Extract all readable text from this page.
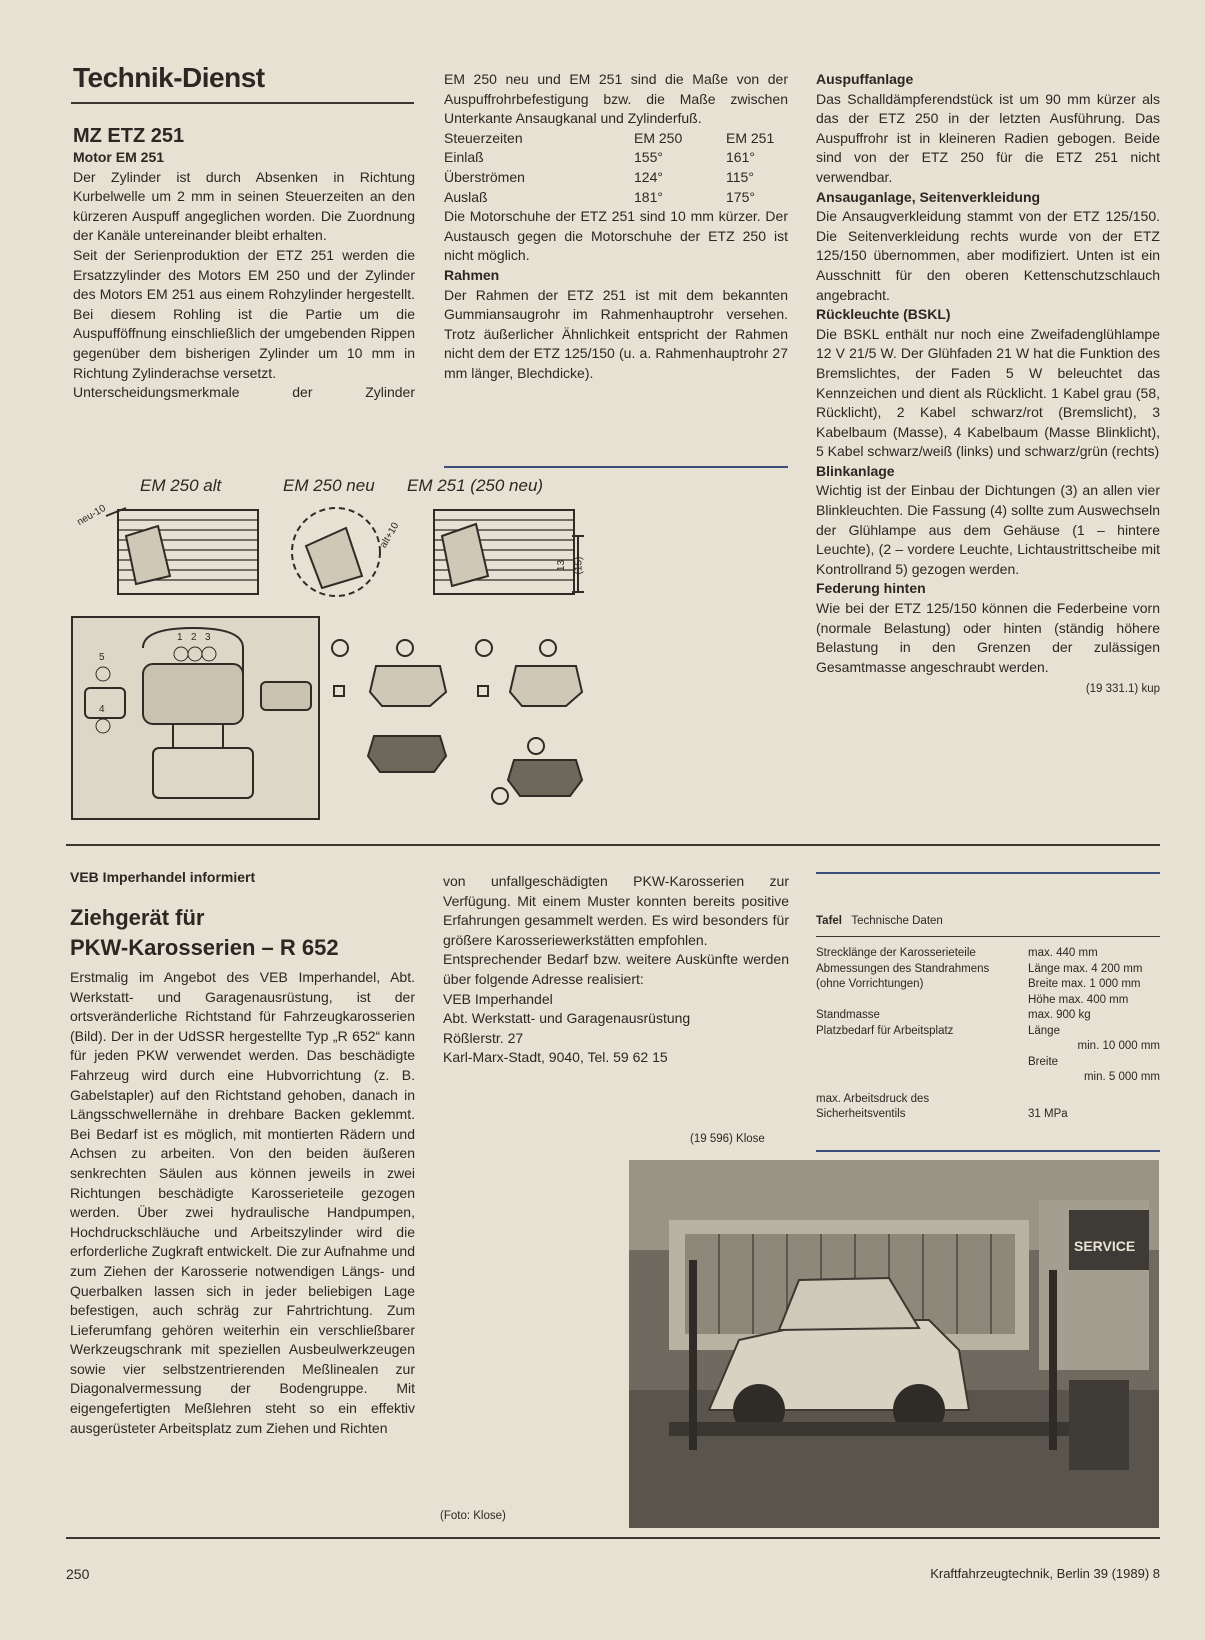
Technik-Dienst
MZ ETZ 251
Motor EM 251

Der Zylinder ist durch Absenken in Richtung Kurbelwelle um 2 mm in seinen Steuerzeiten an den kürzeren Auspuff angeglichen worden. Die Zuordnung der Kanäle untereinander bleibt erhalten.

Seit der Serienproduktion der ETZ 251 werden die Ersatzzylinder des Motors EM 250 und der Zylinder des Motors EM 251 aus einem Rohzylinder hergestellt. Bei diesem Rohling ist die Partie um die Auspufföffnung einschließlich der umgebenden Rippen gegenüber dem bisherigen Zylinder um 10 mm in Richtung Zylinderachse versetzt.

Unterscheidungsmerkmale der Zylinder

EM 250 neu und EM 251 sind die Maße von der Auspuffrohrbefestigung bzw. die Maße zwischen Unterkante Ansaugkanal und Zylinderfuß.
Steuerzeiten	EM 250	EM 251
Einlaß	155°	161°
Überströmen	124°	115°
Auslaß	181°	175°
Die Motorschuhe der ETZ 251 sind 10 mm kürzer. Der Austausch gegen die Motorschuhe der ETZ 250 ist nicht möglich.
Rahmen
Der Rahmen der ETZ 251 ist mit dem bekannten Gummiansaugrohr im Rahmenhauptrohr versehen. Trotz äußerlicher Ähnlichkeit entspricht der Rahmen nicht dem der ETZ 125/150 (u. a. Rahmenhauptrohr 27 mm länger, Blechdicke).
Auspuffanlage
Das Schalldämpferendstück ist um 90 mm kürzer als das der ETZ 250 in der letzten Ausführung. Das Auspuffrohr ist in kleineren Radien gebogen. Beide sind von der ETZ 250 für die ETZ 251 nicht verwendbar.
Ansauganlage, Seitenverkleidung
Die Ansaugverkleidung stammt von der ETZ 125/150. Die Seitenverkleidung rechts wurde von der ETZ 125/150 übernommen, aber modifiziert. Unten ist ein Ausschnitt für den oberen Kettenschutzschlauch angebracht.
Rückleuchte (BSKL)
Die BSKL enthält nur noch eine Zweifadenglühlampe 12 V 21/5 W. Der Glühfaden 21 W hat die Funktion des Bremslichtes, der Faden 5 W beleuchtet das Kennzeichen und dient als Rücklicht. 1 Kabel grau (58, Rücklicht), 2 Kabel schwarz/rot (Bremslicht), 3 Kabelbaum (Masse), 4 Kabelbaum (Masse Blinklicht), 5 Kabel schwarz/weiß (links) und schwarz/grün (rechts)
Blinkanlage
Wichtig ist der Einbau der Dichtungen (3) an allen vier Blinkleuchten. Die Fassung (4) sollte zum Auswechseln der Glühlampe aus dem Gehäuse (1 – hintere Leuchte), (2 – vordere Leuchte, Lichtaustrittscheibe mit Kontrollrand 5) gezogen werden.
Federung hinten
Wie bei der ETZ 125/150 können die Federbeine vorn (normale Belastung) oder hinten (ständig höhere Belastung in den Grenzen der zulässigen Gesamtmasse angeschraubt werden.
(19 331.1) kup
EM 250 alt	EM 250 neu EM 251 (250 neu)
neu-10
alt+10
13 (15)
1 2 3
4
5
VEB Imperhandel informiert
Ziehgerät für
PKW-Karosserien – R 652
Erstmalig im Angebot des VEB Imperhandel, Abt. Werkstatt- und Garagenausrüstung, ist der ortsveränderliche Richtstand für Fahrzeugkarosserien (Bild). Der in der UdSSR hergestellte Typ „R 652“ kann für jeden PKW verwendet werden. Das beschädigte Fahrzeug wird durch eine Hubvorrichtung (z. B. Gabelstapler) auf den Richtstand gehoben, danach in Längsschwellernähe in drehbare Backen geklemmt. Bei Bedarf ist es möglich, mit montierten Rädern und Achsen zu arbeiten. Von den beiden äußeren senkrechten Säulen aus können jeweils in zwei Richtungen beschädigte Karosserieteile gezogen werden. Über zwei hydraulische Handpumpen, Hochdruckschläuche und Arbeitszylinder wird die erforderliche Zugkraft entwickelt. Die zur Aufnahme und zum Ziehen der Karosserie notwendigen Längs- und Querbalken lassen sich in jeder beliebigen Lage befestigen, auch schräg zur Fahrtrichtung. Zum Lieferumfang gehören weiterhin ein verschließbarer Werkzeugschrank mit speziellen Ausbeulwerkzeugen sowie vier selbstzentrierenden Meßlinealen zur Diagonalvermessung der Bodengruppe. Mit eigengefertigten Meßlehren steht so ein effektiv ausgerüsteter Arbeitsplatz zum Ziehen und Richten
von unfallgeschädigten PKW-Karosserien zur Verfügung. Mit einem Muster konnten bereits positive Erfahrungen gesammelt werden. Es wird besonders für größere Karosseriewerkstätten empfohlen.
Entsprechender Bedarf bzw. weitere Auskünfte werden über folgende Adresse realisiert:
VEB Imperhandel
Abt. Werkstatt- und Garagenausrüstung
Rößlerstr. 27
Karl-Marx-Stadt, 9040, Tel. 59 62 15
(19 596) Klose
Tafel Technische Daten
Strecklänge der Karosserieteile	max. 440 mm
Abmessungen des Standrahmens	Länge max. 4 200 mm
(ohne Vorrichtungen)	Breite max. 1 000 mm
Höhe max. 400 mm
Standmasse	max. 900 kg
Platzbedarf für Arbeitsplatz	Länge
min. 10 000 mm
Breite
min. 5 000 mm
max. Arbeitsdruck des
Sicherheitsventils	31 MPa
SERVICE
(Foto: Klose)
250	Kraftfahrzeugtechnik, Berlin 39 (1989) 8
